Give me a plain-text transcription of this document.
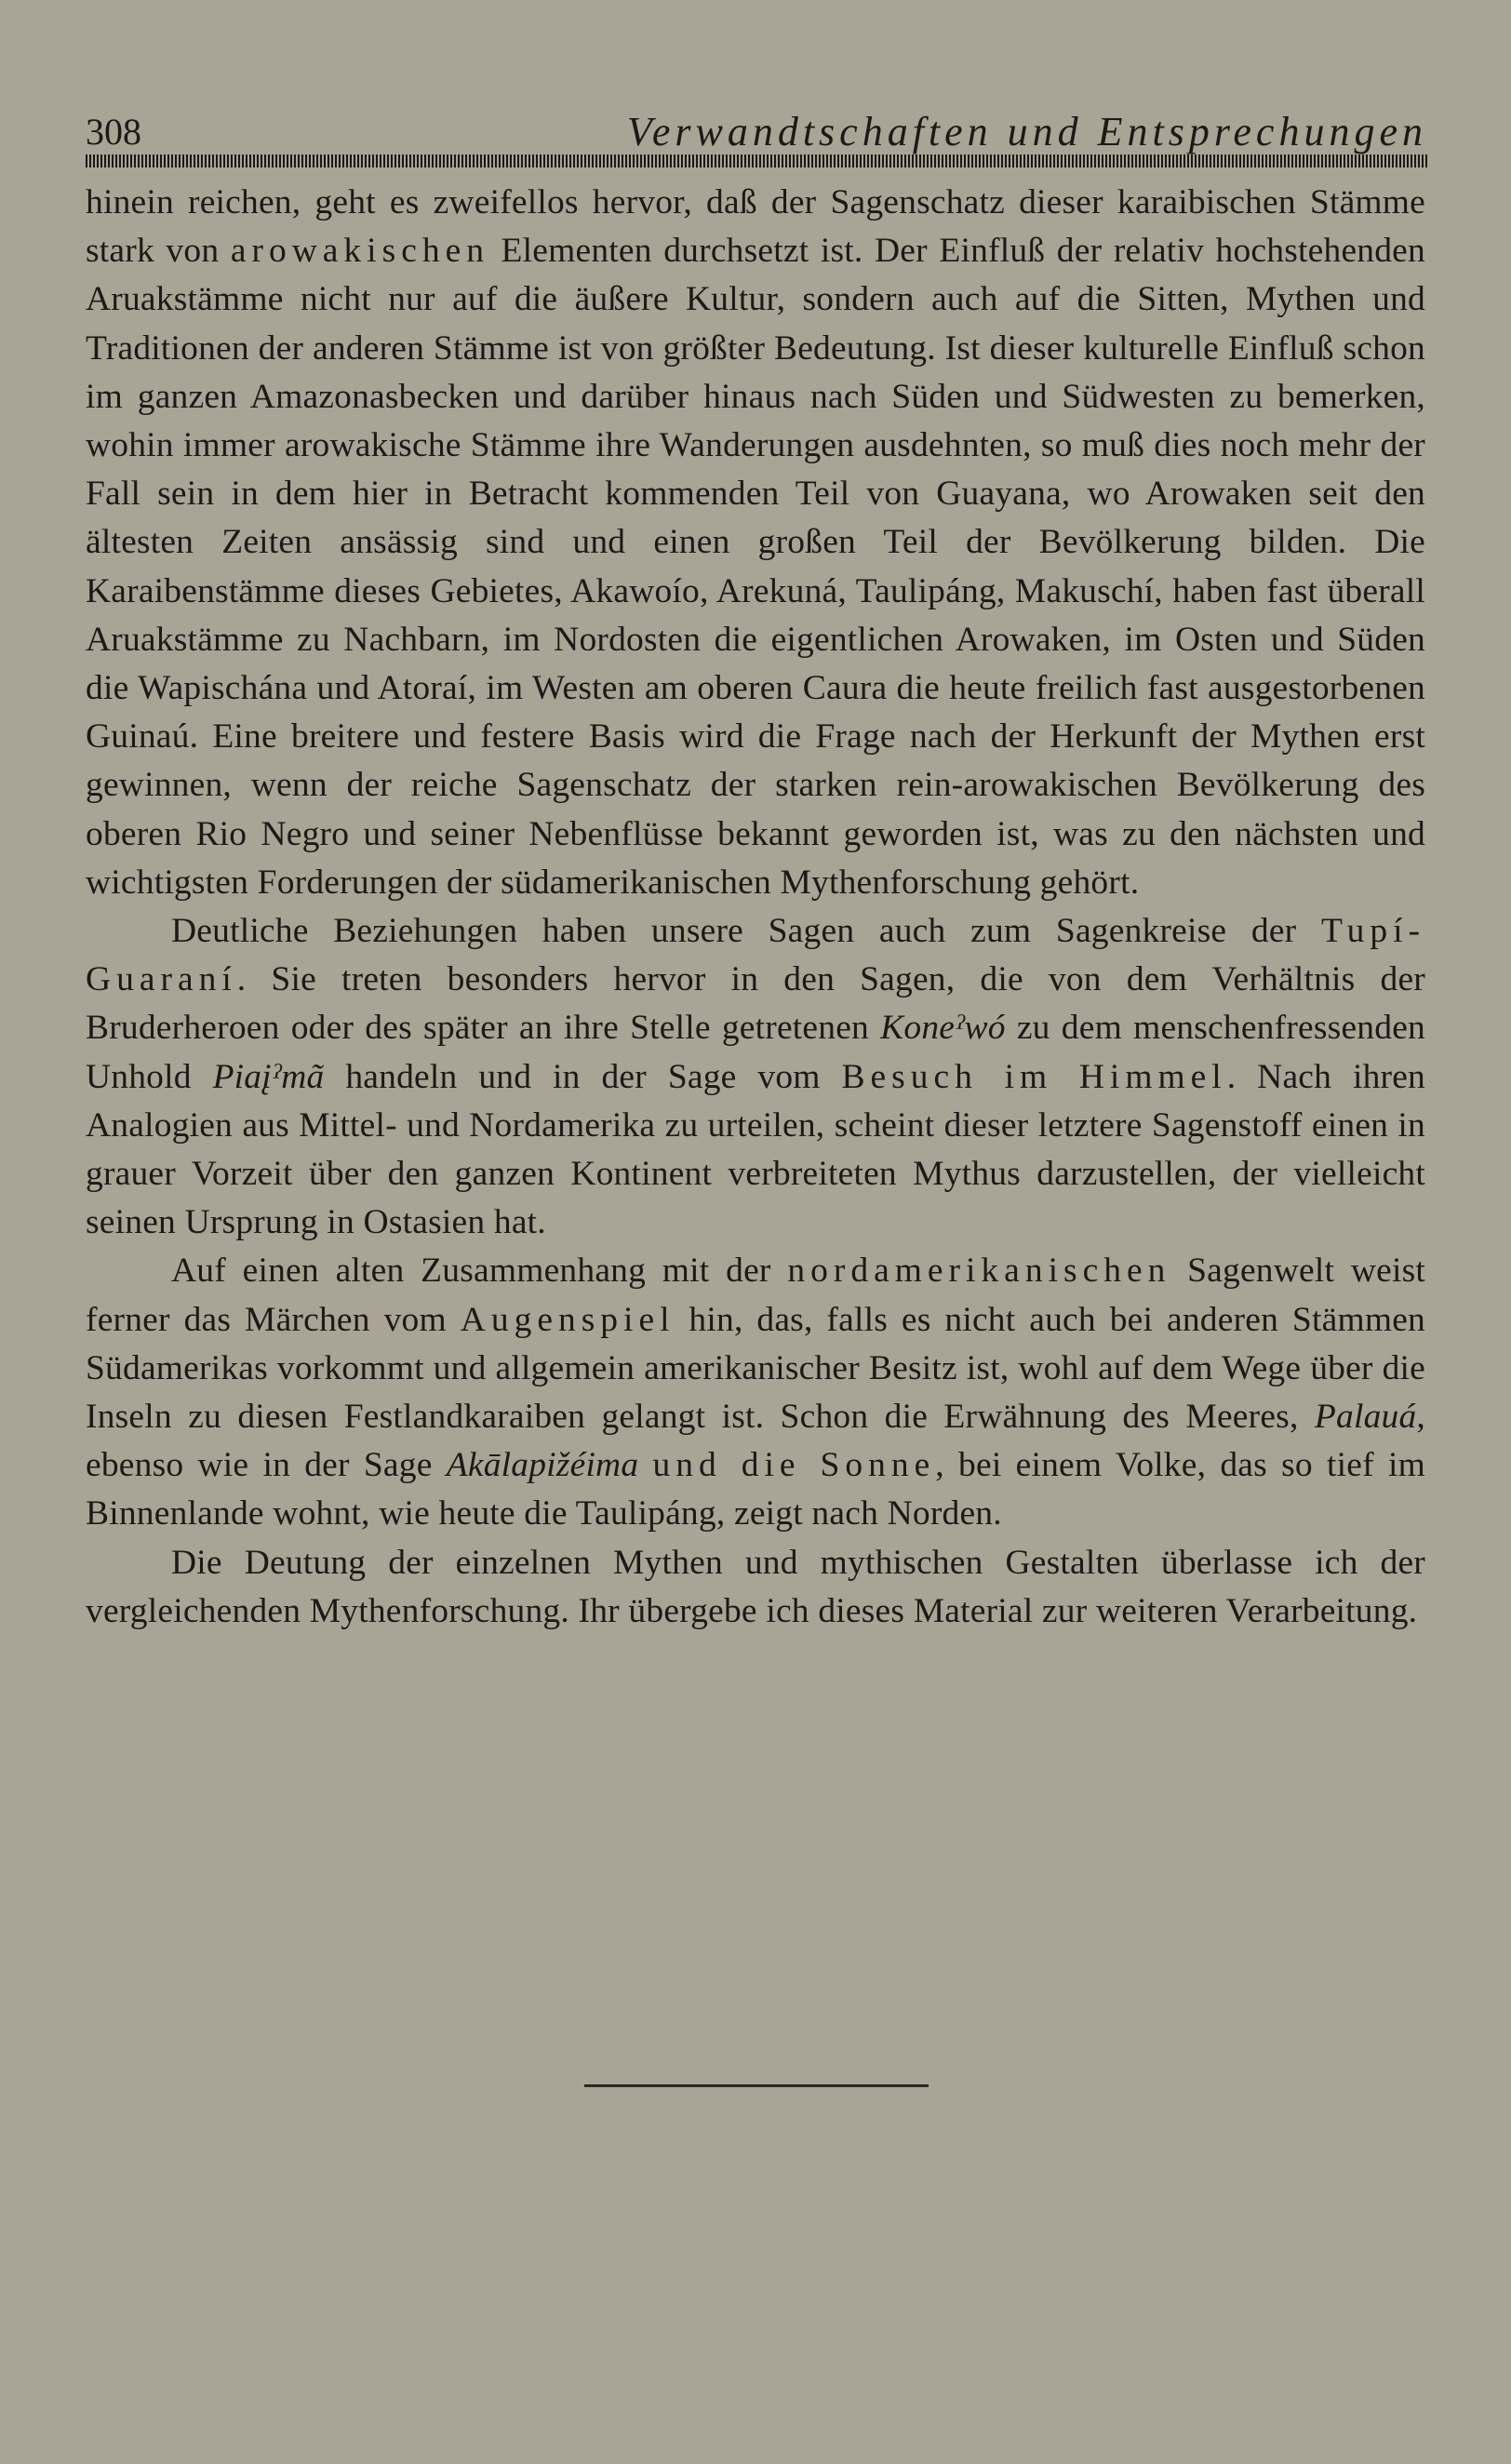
308	Verwandtschaften und Entsprechungen

hinein reichen, geht es zweifellos hervor, daß der Sagenschatz dieser karaibischen Stämme stark von arowakischen Elementen durchsetzt ist. Der Einfluß der relativ hochstehenden Aruakstämme nicht nur auf die äußere Kultur, sondern auch auf die Sitten, Mythen und Traditionen der anderen Stämme ist von größter Bedeutung. Ist dieser kulturelle Einfluß schon im ganzen Amazonasbecken und darüber hinaus nach Süden und Südwesten zu bemerken, wohin immer arowakische Stämme ihre Wanderungen ausdehnten, so muß dies noch mehr der Fall sein in dem hier in Betracht kommenden Teil von Guayana, wo Arowaken seit den ältesten Zeiten ansässig sind und einen großen Teil der Bevölkerung bilden. Die Karaibenstämme dieses Gebietes, Akawoío, Arekuná, Taulipáng, Makuschí, haben fast überall Aruakstämme zu Nachbarn, im Nordosten die eigentlichen Arowaken, im Osten und Süden die Wapischána und Atoraí, im Westen am oberen Caura die heute freilich fast ausgestorbenen Guinaú. Eine breitere und festere Basis wird die Frage nach der Herkunft der Mythen erst gewinnen, wenn der reiche Sagenschatz der starken rein-arowakischen Bevölkerung des oberen Rio Negro und seiner Nebenflüsse bekannt geworden ist, was zu den nächsten und wichtigsten Forderungen der südamerikanischen Mythenforschung gehört.

Deutliche Beziehungen haben unsere Sagen auch zum Sagenkreise der Tupí-Guaraní. Sie treten besonders hervor in den Sagen, die von dem Verhältnis der Bruderheroen oder des später an ihre Stelle getretenen Koneˀwó zu dem menschenfressenden Unhold Piaįˀmã handeln und in der Sage vom Besuch im Himmel. Nach ihren Analogien aus Mittel- und Nordamerika zu urteilen, scheint dieser letztere Sagenstoff einen in grauer Vorzeit über den ganzen Kontinent verbreiteten Mythus darzustellen, der vielleicht seinen Ursprung in Ostasien hat.

Auf einen alten Zusammenhang mit der nordamerikanischen Sagenwelt weist ferner das Märchen vom Augenspiel hin, das, falls es nicht auch bei anderen Stämmen Südamerikas vorkommt und allgemein amerikanischer Besitz ist, wohl auf dem Wege über die Inseln zu diesen Festlandkaraiben gelangt ist. Schon die Erwähnung des Meeres, Palauá, ebenso wie in der Sage Akālapižéima und die Sonne, bei einem Volke, das so tief im Binnenlande wohnt, wie heute die Taulipáng, zeigt nach Norden.

Die Deutung der einzelnen Mythen und mythischen Gestalten überlasse ich der vergleichenden Mythenforschung. Ihr übergebe ich dieses Material zur weiteren Verarbeitung.
